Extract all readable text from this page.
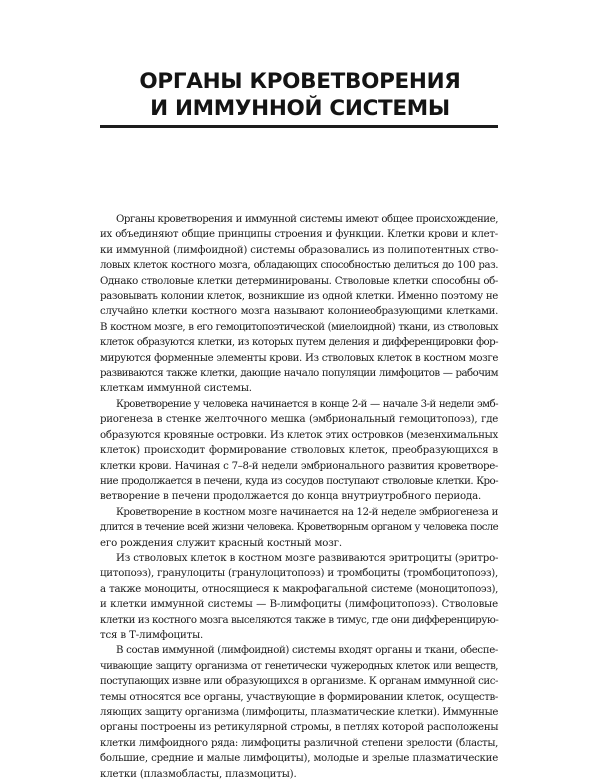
ОРГАНЫ КРОВЕТВОРЕНИЯ
И ИММУННОЙ СИСТЕМЫ
Органы кроветворения и иммунной системы имеют общее происхождение,
их объединяют общие принципы строения и функции. Клетки крови и клет-
ки иммунной (лимфоидной) системы образовались из полипотентных ство-
ловых клеток костного мозга, обладающих способностью делиться до 100 раз.
Однако стволовые клетки детерминированы. Стволовые клетки способны об-
разовывать колонии клеток, возникшие из одной клетки. Именно поэтому не
случайно клетки костного мозга называют колониеобразующими клетками.
В костном мозге, в его гемоцитопоэтической (миелоидной) ткани, из стволовых
клеток образуются клетки, из которых путем деления и дифференцировки фор-
мируются форменные элементы крови. Из стволовых клеток в костном мозге
развиваются также клетки, дающие начало популяции лимфоцитов — рабочим
клеткам иммунной системы.
Кроветворение у человека начинается в конце 2-й — начале 3-й недели эмб-
риогенеза в стенке желточного мешка (эмбриональный гемоцитопоэз), где
образуются кровяные островки. Из клеток этих островков (мезенхимальных
клеток) происходит формирование стволовых клеток, преобразующихся в
клетки крови. Начиная с 7–8-й недели эмбрионального развития кроветворе-
ние продолжается в печени, куда из сосудов поступают стволовые клетки. Кро-
ветворение в печени продолжается до конца внутриутробного периода.
Кроветворение в костном мозге начинается на 12-й неделе эмбриогенеза и
длится в течение всей жизни человека. Кроветворным органом у человека после
его рождения служит красный костный мозг.
Из стволовых клеток в костном мозге развиваются эритроциты (эритро-
цитопоэз), гранулоциты (гранулоцитопоэз) и тромбоциты (тромбоцитопоэз),
а также моноциты, относящиеся к макрофагальной системе (моноцитопоэз),
и клетки иммунной системы — В-лимфоциты (лимфоцитопоэз). Стволовые
клетки из костного мозга выселяются также в тимус, где они дифференцирую-
тся в Т-лимфоциты.
В состав иммунной (лимфоидной) системы входят органы и ткани, обеспе-
чивающие защиту организма от генетически чужеродных клеток или веществ,
поступающих извне или образующихся в организме. К органам иммунной сис-
темы относятся все органы, участвующие в формировании клеток, осуществ-
ляющих защиту организма (лимфоциты, плазматические клетки). Иммунные
органы построены из ретикулярной стромы, в петлях которой расположены
клетки лимфоидного ряда: лимфоциты различной степени зрелости (бласты,
большие, средние и малые лимфоциты), молодые и зрелые плазматические
клетки (плазмобласты, плазмоциты).
